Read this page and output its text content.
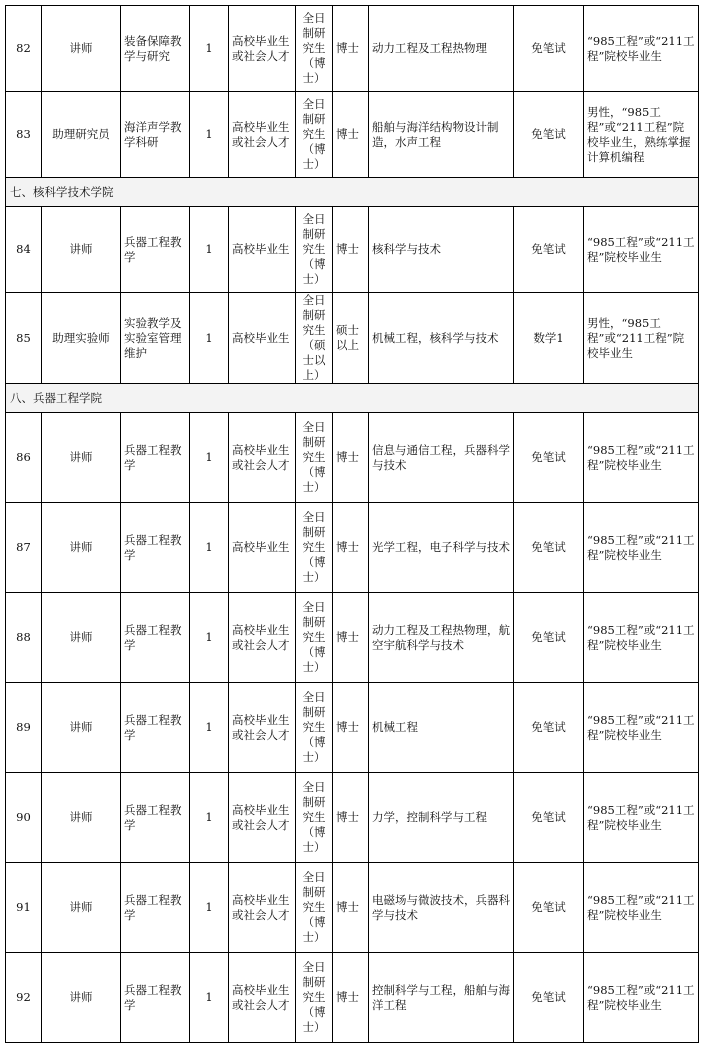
82	讲师	装备保障教学与研究	1	高校毕业生或社会人才	全日制研究生（博士）	博士	动力工程及工程热物理	免笔试	“985工程”或“211工程”院校毕业生
83	助理研究员	海洋声学教学科研	1	高校毕业生或社会人才	全日制研究生（博士）	博士	船舶与海洋结构物设计制造，水声工程	免笔试	男性，“985工程”或“211工程”院校毕业生，熟练掌握计算机编程
七、核科学技术学院									
84	讲师	兵器工程教学	1	高校毕业生	全日制研究生（博士）	博士	核科学与技术	免笔试	“985工程”或“211工程”院校毕业生
85	助理实验师	实验教学及实验室管理维护	1	高校毕业生	全日制研究生（硕士以上）	硕士以上	机械工程，核科学与技术	数学1	男性，“985工程”或“211工程”院校毕业生
八、兵器工程学院									
86	讲师	兵器工程教学	1	高校毕业生或社会人才	全日制研究生（博士）	博士	信息与通信工程，兵器科学与技术	免笔试	“985工程”或“211工程”院校毕业生
87	讲师	兵器工程教学	1	高校毕业生	全日制研究生（博士）	博士	光学工程，电子科学与技术	免笔试	“985工程”或“211工程”院校毕业生
88	讲师	兵器工程教学	1	高校毕业生或社会人才	全日制研究生（博士）	博士	动力工程及工程热物理，航空宇航科学与技术	免笔试	“985工程”或“211工程”院校毕业生
89	讲师	兵器工程教学	1	高校毕业生或社会人才	全日制研究生（博士）	博士	机械工程	免笔试	“985工程”或“211工程”院校毕业生
90	讲师	兵器工程教学	1	高校毕业生或社会人才	全日制研究生（博士）	博士	力学，控制科学与工程	免笔试	“985工程”或“211工程”院校毕业生
91	讲师	兵器工程教学	1	高校毕业生或社会人才	全日制研究生（博士）	博士	电磁场与微波技术，兵器科学与技术	免笔试	“985工程”或“211工程”院校毕业生
92	讲师	兵器工程教学	1	高校毕业生或社会人才	全日制研究生（博士）	博士	控制科学与工程，船舶与海洋工程	免笔试	“985工程”或“211工程”院校毕业生
